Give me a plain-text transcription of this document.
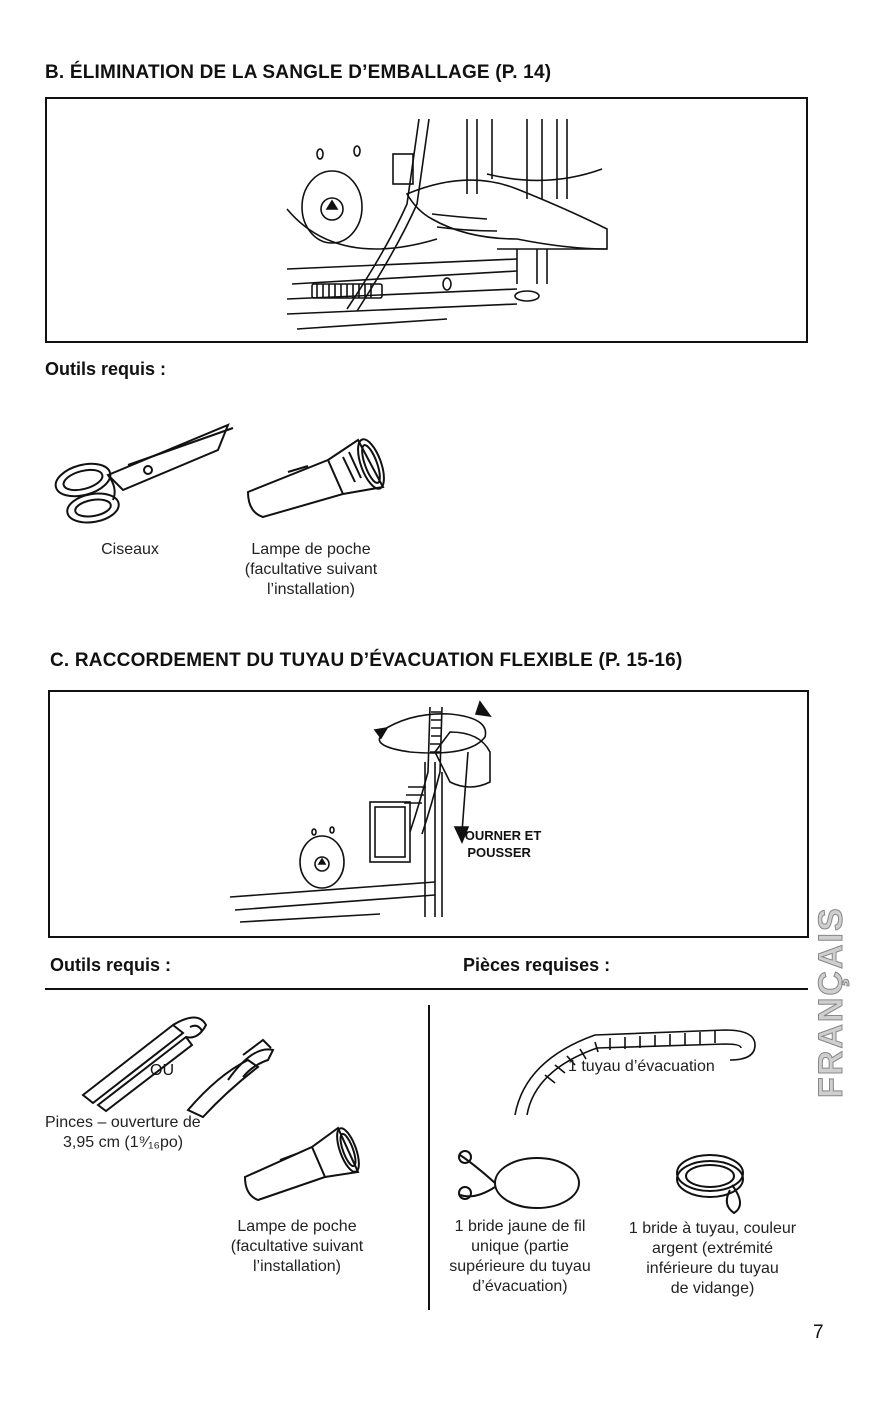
B. ÉLIMINATION DE LA SANGLE D’EMBALLAGE (P. 14)
Outils requis :
Ciseaux	Lampe de poche
(facultative suivant
l’installation)
C. RACCORDEMENT DU TUYAU D’ÉVACUATION FLEXIBLE (P. 15-16)
TOURNER ET
POUSSER
FRANÇAIS
Outils requis :	Pièces requises :
OU
Pinces – ouverture de
3,95 cm (1⁹⁄₁₆po)
Lampe de poche
(facultative suivant
l’installation)
1 tuyau d’évacuation
1 bride jaune de fil
unique (partie
supérieure du tuyau
d’évacuation)
1 bride à tuyau, couleur
argent (extrémité
inférieure du tuyau
de vidange)
7
